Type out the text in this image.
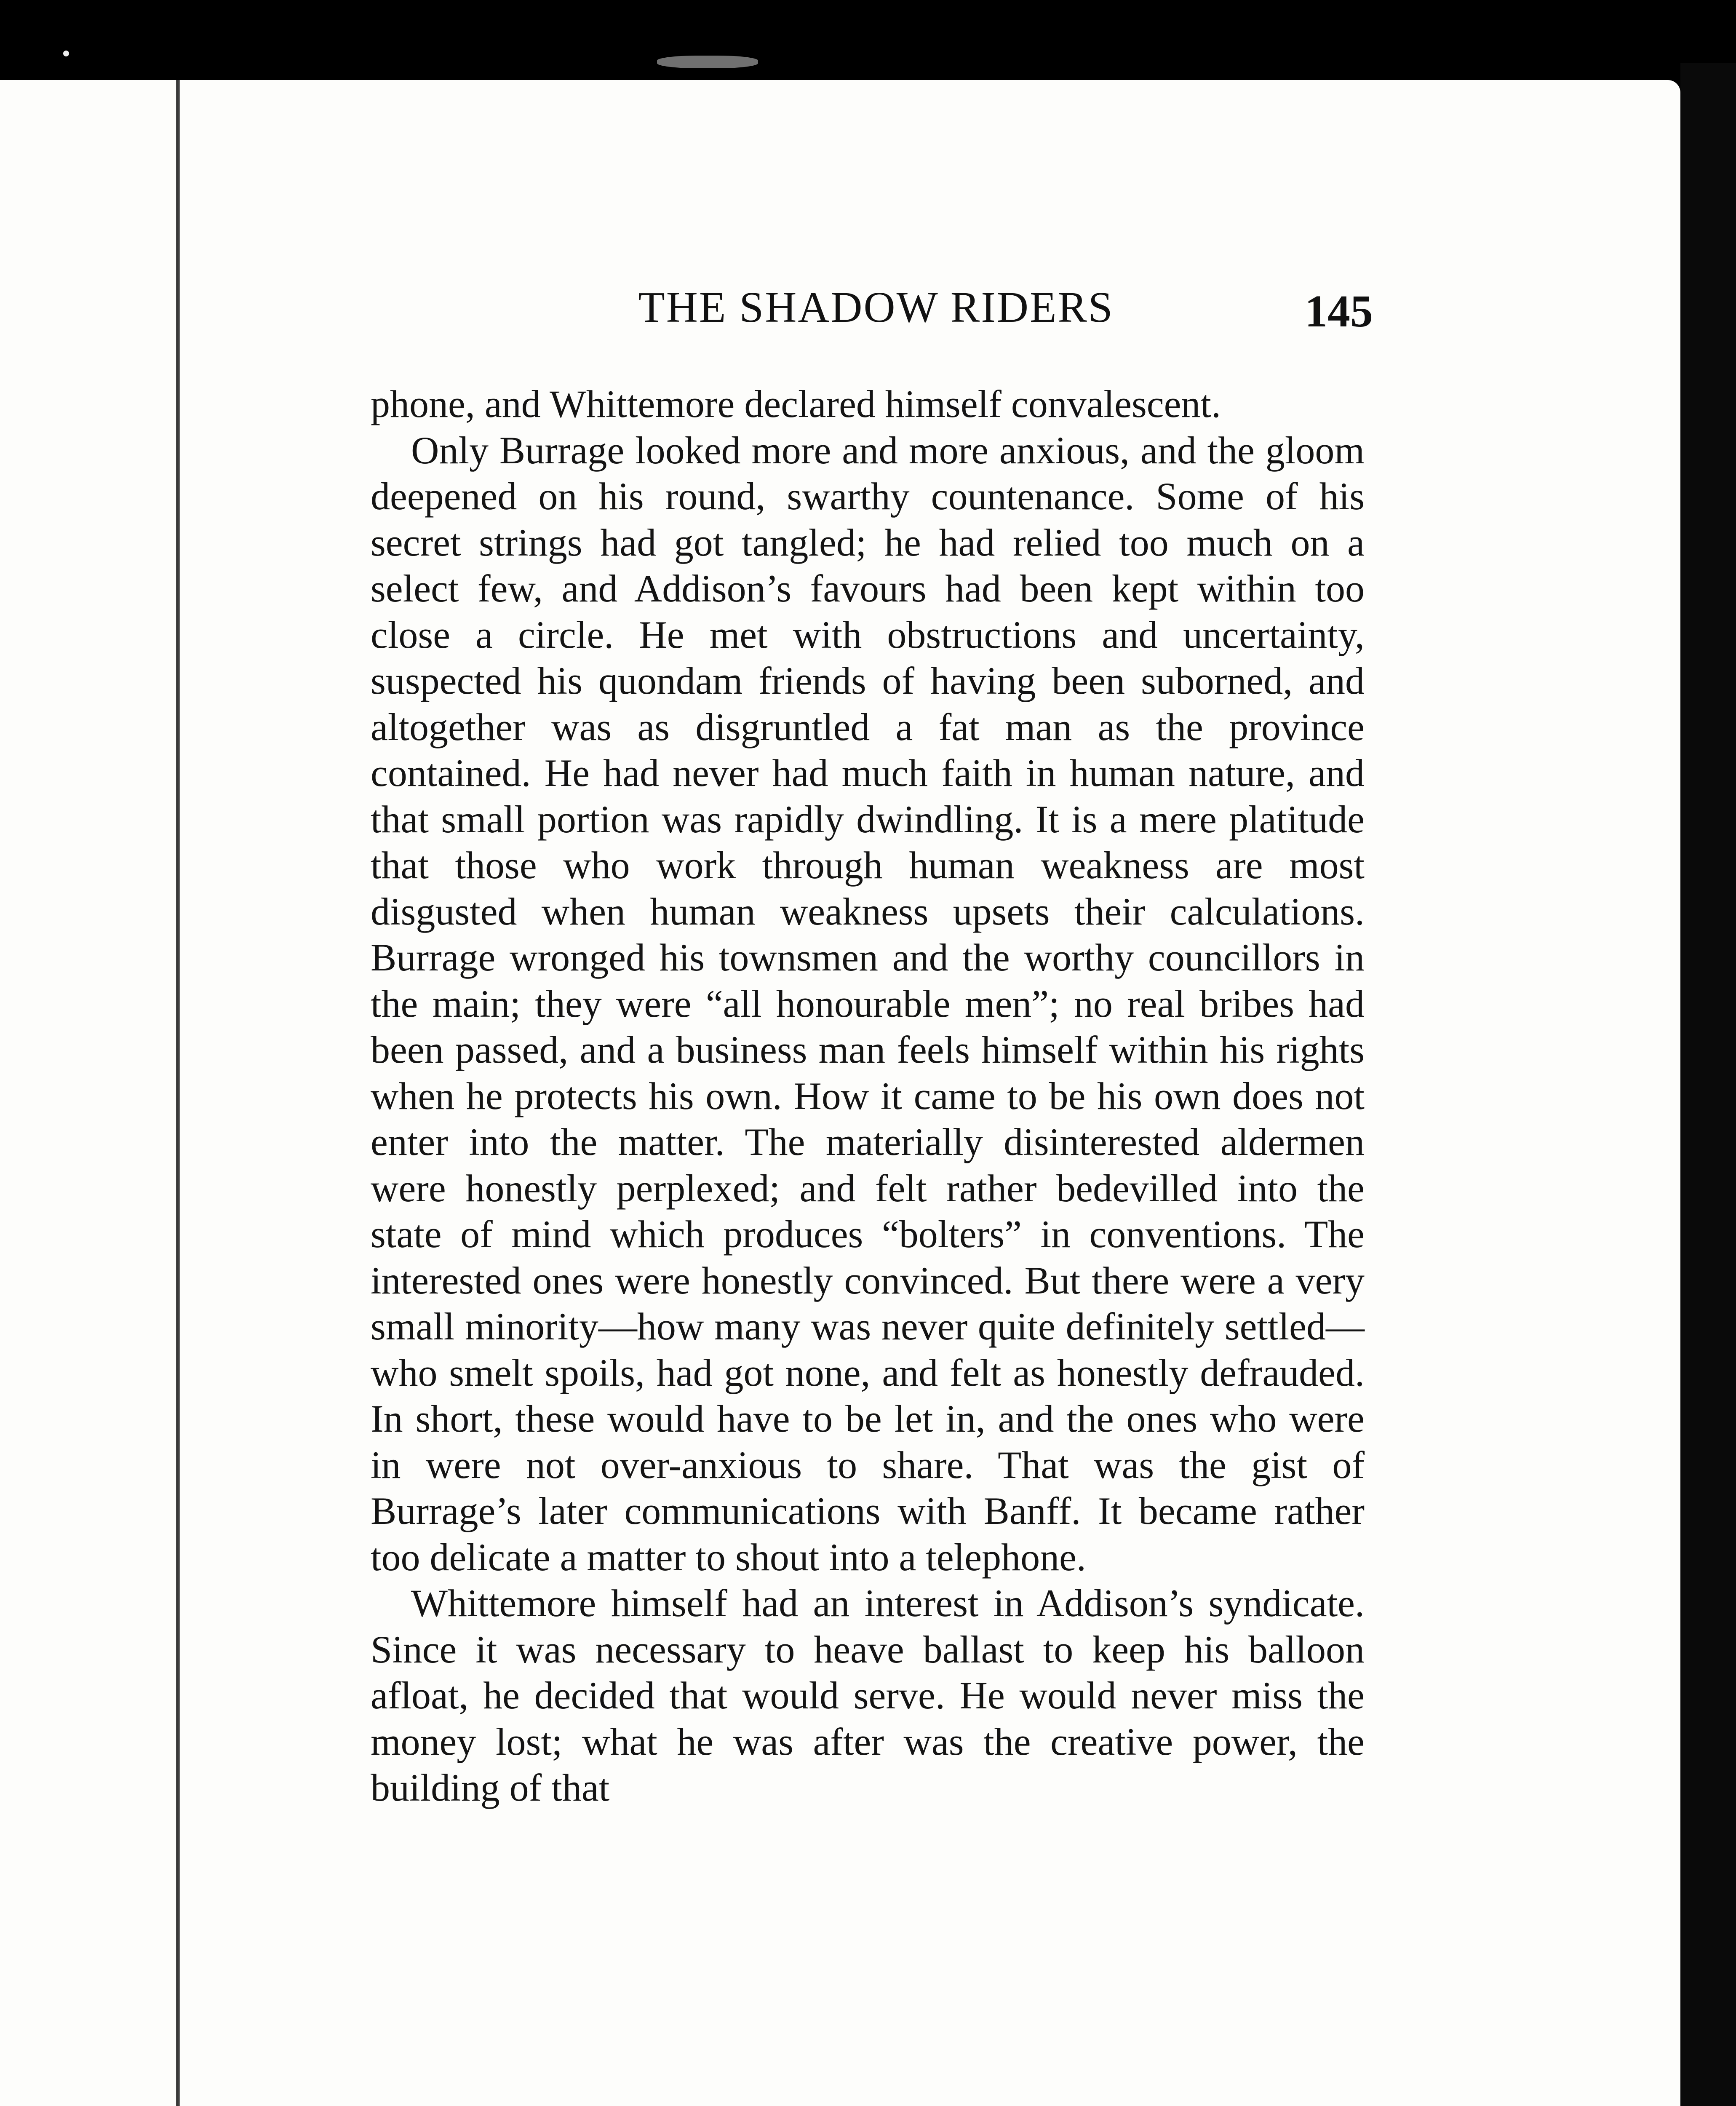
THE SHADOW RIDERS	145

phone, and Whittemore declared himself convalescent.

Only Burrage looked more and more anxious, and the gloom deepened on his round, swarthy countenance. Some of his secret strings had got tangled; he had relied too much on a select few, and Addison’s favours had been kept within too close a circle. He met with obstructions and uncertainty, suspected his quondam friends of having been suborned, and altogether was as disgruntled a fat man as the province contained. He had never had much faith in human nature, and that small portion was rapidly dwindling. It is a mere platitude that those who work through human weakness are most disgusted when human weakness upsets their calculations. Burrage wronged his townsmen and the worthy councillors in the main; they were “all honourable men”; no real bribes had been passed, and a business man feels himself within his rights when he protects his own. How it came to be his own does not enter into the matter. The materially disinterested aldermen were honestly perplexed; and felt rather bedevilled into the state of mind which produces “bolters” in conventions. The interested ones were honestly convinced. But there were a very small minority—how many was never quite definitely settled—who smelt spoils, had got none, and felt as honestly defrauded. In short, these would have to be let in, and the ones who were in were not over-anxious to share. That was the gist of Burrage’s later communications with Banff. It became rather too delicate a matter to shout into a telephone.

Whittemore himself had an interest in Addison’s syndicate. Since it was necessary to heave ballast to keep his balloon afloat, he decided that would serve. He would never miss the money lost; what he was after was the creative power, the building of that
